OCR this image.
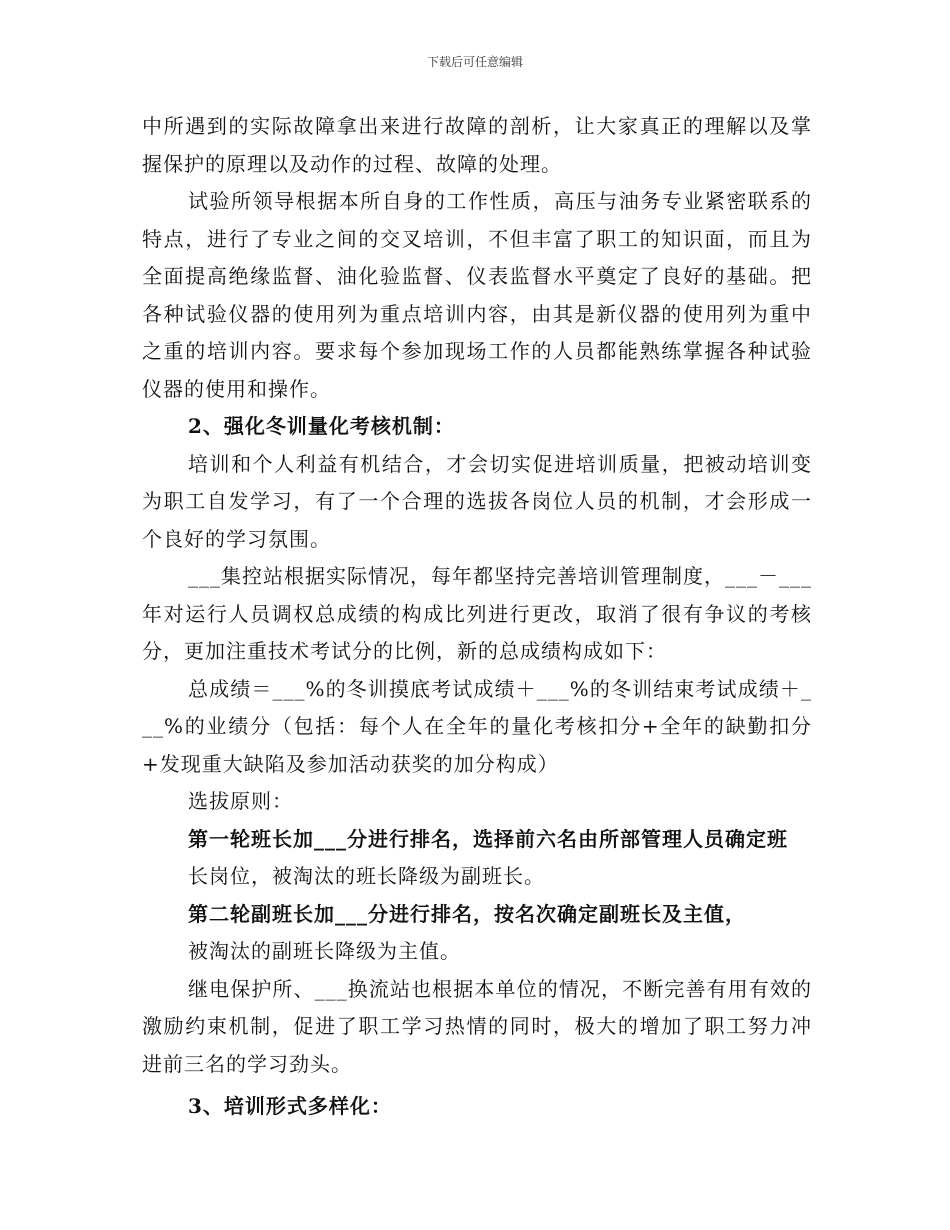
下载后可任意编辑

中所遇到的实际故障拿出来进行故障的剖析，让大家真正的理解以及掌握保护的原理以及动作的过程、故障的处理。

试验所领导根据本所自身的工作性质，高压与油务专业紧密联系的特点，进行了专业之间的交叉培训，不但丰富了职工的知识面，而且为全面提高绝缘监督、油化验监督、仪表监督水平奠定了良好的基础。把各种试验仪器的使用列为重点培训内容，由其是新仪器的使用列为重中之重的培训内容。要求每个参加现场工作的人员都能熟练掌握各种试验仪器的使用和操作。

2、强化冬训量化考核机制：

培训和个人利益有机结合，才会切实促进培训质量，把被动培训变为职工自发学习，有了一个合理的选拔各岗位人员的机制，才会形成一个良好的学习氛围。

___集控站根据实际情况，每年都坚持完善培训管理制度，___－___年对运行人员调权总成绩的构成比列进行更改，取消了很有争议的考核分，更加注重技术考试分的比例，新的总成绩构成如下：

总成绩＝___%的冬训摸底考试成绩＋___%的冬训结束考试成绩＋___%的业绩分（包括：每个人在全年的量化考核扣分+全年的缺勤扣分+发现重大缺陷及参加活动获奖的加分构成）

选拔原则：

第一轮班长加___分进行排名，选择前六名由所部管理人员确定班

长岗位，被淘汰的班长降级为副班长。

第二轮副班长加___分进行排名，按名次确定副班长及主值，

被淘汰的副班长降级为主值。

继电保护所、___换流站也根据本单位的情况，不断完善有用有效的激励约束机制，促进了职工学习热情的同时，极大的增加了职工努力冲进前三名的学习劲头。

3、培训形式多样化：
